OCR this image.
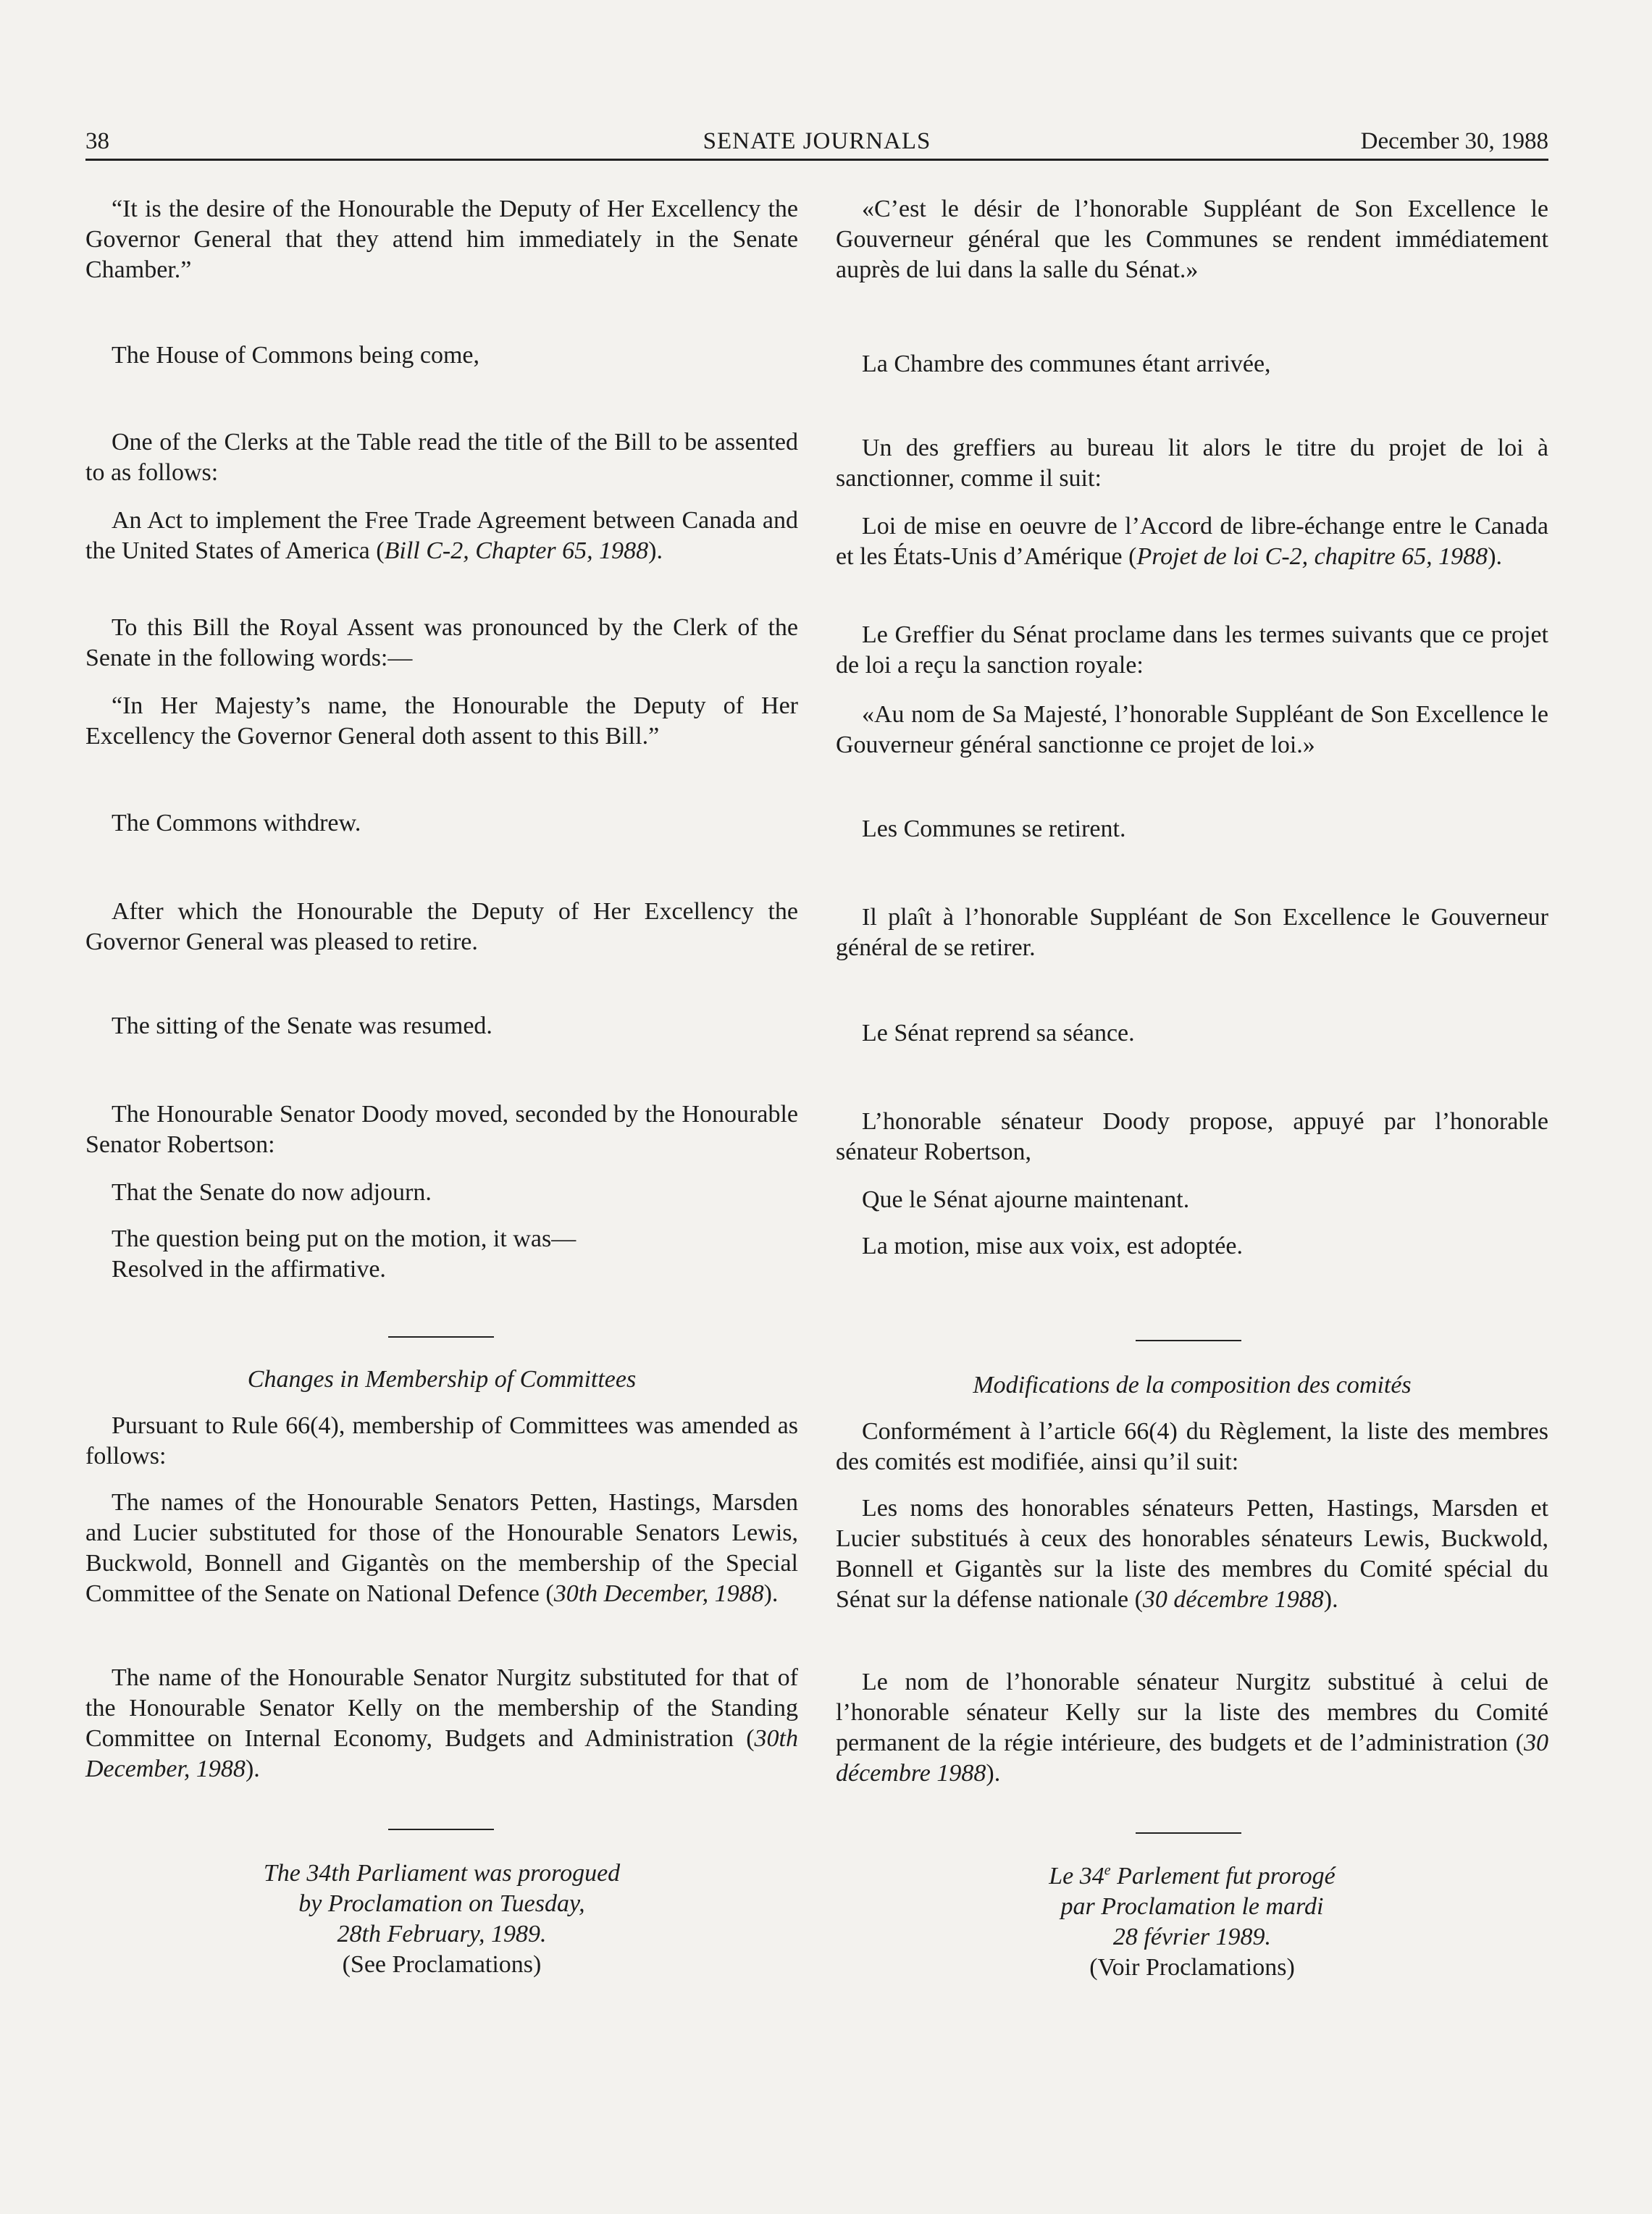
38	SENATE JOURNALS	December 30, 1988

“It is the desire of the Honourable the Deputy of Her Excellency the Governor General that they attend him immediately in the Senate Chamber.”

The House of Commons being come,

One of the Clerks at the Table read the title of the Bill to be assented to as follows:

An Act to implement the Free Trade Agreement between Canada and the United States of America (Bill C-2, Chapter 65, 1988).

To this Bill the Royal Assent was pronounced by the Clerk of the Senate in the following words:—

“In Her Majesty’s name, the Honourable the Deputy of Her Excellency the Governor General doth assent to this Bill.”

The Commons withdrew.

After which the Honourable the Deputy of Her Excellency the Governor General was pleased to retire.

The sitting of the Senate was resumed.

The Honourable Senator Doody moved, seconded by the Honourable Senator Robertson:

That the Senate do now adjourn.

The question being put on the motion, it was—

Resolved in the affirmative.

Changes in Membership of Committees

Pursuant to Rule 66(4), membership of Committees was amended as follows:

The names of the Honourable Senators Petten, Hastings, Marsden and Lucier substituted for those of the Honourable Senators Lewis, Buckwold, Bonnell and Gigantès on the membership of the Special Committee of the Senate on National Defence (30th December, 1988).

The name of the Honourable Senator Nurgitz substituted for that of the Honourable Senator Kelly on the membership of the Standing Committee on Internal Economy, Budgets and Administration (30th December, 1988).

The 34th Parliament was prorogued
by Proclamation on Tuesday,
28th February, 1989.
(See Proclamations)

«C’est le désir de l’honorable Suppléant de Son Excellence le Gouverneur général que les Communes se rendent immédiatement auprès de lui dans la salle du Sénat.»

La Chambre des communes étant arrivée,

Un des greffiers au bureau lit alors le titre du projet de loi à sanctionner, comme il suit:

Loi de mise en oeuvre de l’Accord de libre-échange entre le Canada et les États-Unis d’Amérique (Projet de loi C-2, chapitre 65, 1988).

Le Greffier du Sénat proclame dans les termes suivants que ce projet de loi a reçu la sanction royale:

«Au nom de Sa Majesté, l’honorable Suppléant de Son Excellence le Gouverneur général sanctionne ce projet de loi.»

Les Communes se retirent.

Il plaît à l’honorable Suppléant de Son Excellence le Gouverneur général de se retirer.

Le Sénat reprend sa séance.

L’honorable sénateur Doody propose, appuyé par l’honorable sénateur Robertson,

Que le Sénat ajourne maintenant.

La motion, mise aux voix, est adoptée.

Modifications de la composition des comités

Conformément à l’article 66(4) du Règlement, la liste des membres des comités est modifiée, ainsi qu’il suit:

Les noms des honorables sénateurs Petten, Hastings, Marsden et Lucier substitués à ceux des honorables sénateurs Lewis, Buckwold, Bonnell et Gigantès sur la liste des membres du Comité spécial du Sénat sur la défense nationale (30 décembre 1988).

Le nom de l’honorable sénateur Nurgitz substitué à celui de l’honorable sénateur Kelly sur la liste des membres du Comité permanent de la régie intérieure, des budgets et de l’administration (30 décembre 1988).

Le 34e Parlement fut prorogé
par Proclamation le mardi
28 février 1989.
(Voir Proclamations)
